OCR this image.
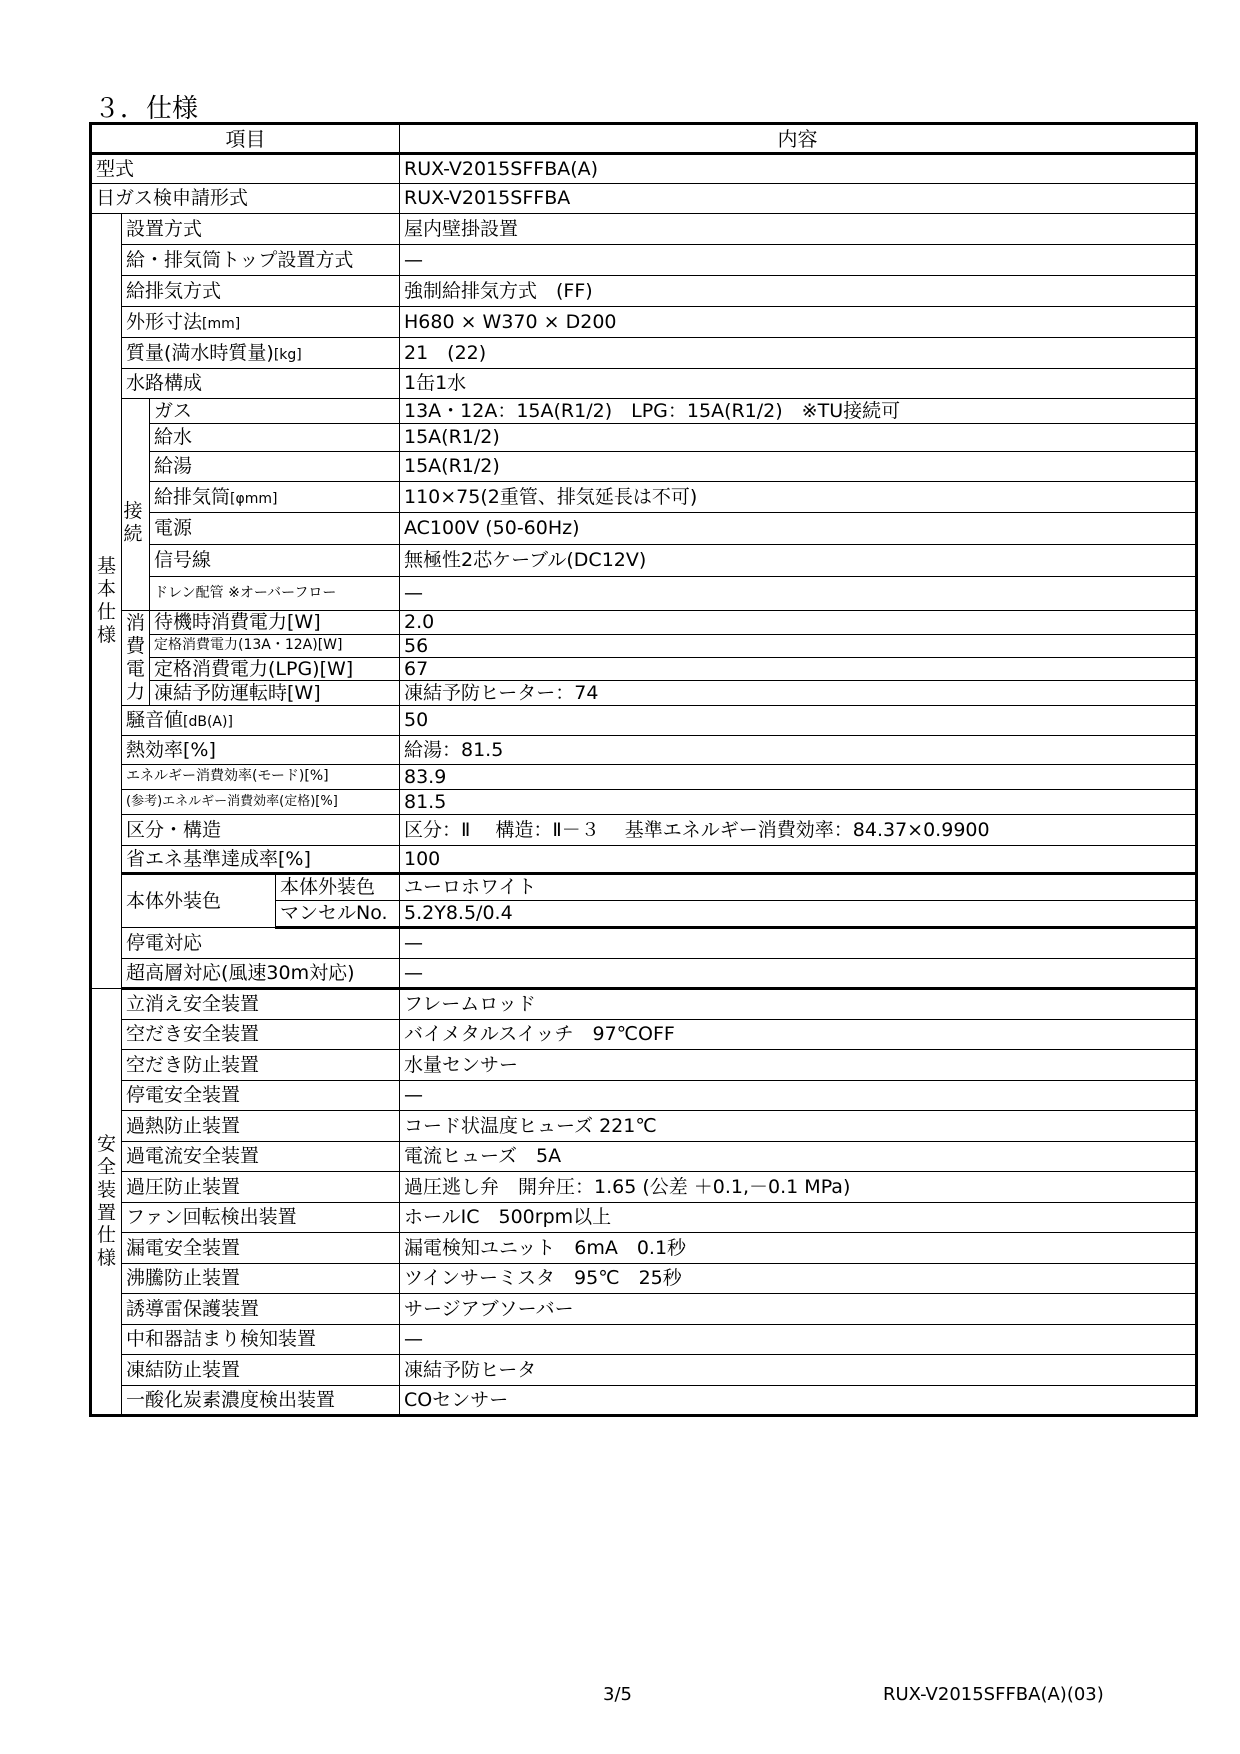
３．仕様
項目				内容
型式				RUX-V2015SFFBA(A)
日ガス検申請形式				RUX-V2015SFFBA
基本仕様	設置方式			屋内壁掛設置
	給・排気筒トップ設置方式			—
	給排気方式			強制給排気方式　(FF)
	外形寸法[mm]			H680 × W370 × D200
	質量(満水時質量)[kg]			21　(22)
	水路構成			1缶1水

	接続	ガス		13A・12A：15A(R1/2)　LPG：15A(R1/2)　※TU接続可
		給水		15A(R1/2)
		給湯		15A(R1/2)
		給排気筒[φmm]		110×75(2重管、排気延長は不可)
		電源		AC100V (50-60Hz)
		信号線		無極性2芯ケーブル(DC12V)
		ドレン配管 ※オーバーフロー		—
	消費電力	待機時消費電力[W]		2.0
		定格消費電力(13A・12A)[W]		56
		定格消費電力(LPG)[W]		67
		凍結予防運転時[W]		凍結予防ヒーター：74
	騒音値[dB(A)]			50
	熱効率[%]			給湯：81.5
	エネルギー消費効率(モード)[%]			83.9
	(参考)エネルギー消費効率(定格)[%]			81.5
	区分・構造			区分：Ⅱ　 構造：Ⅱ－３　 基準エネルギー消費効率：84.37×0.9900
	省エネ基準達成率[%]			100
	本体外装色		本体外装色	ユーロホワイト
			マンセルNo.	5.2Y8.5/0.4
	停電対応			—
	超高層対応(風速30m対応)			—
安全装置仕様	立消え安全装置			フレームロッド
	空だき安全装置			バイメタルスイッチ　97℃OFF
	空だき防止装置			水量センサー
	停電安全装置			—
	過熱防止装置			コード状温度ヒューズ 221℃
	過電流安全装置			電流ヒューズ　5A
	過圧防止装置			過圧逃し弁　開弁圧：1.65 (公差 ＋0.1,－0.1 MPa)
	ファン回転検出装置			ホールIC　500rpm以上
	漏電安全装置			漏電検知ユニット　6mA　0.1秒
	沸騰防止装置			ツインサーミスタ　95℃　25秒
	誘導雷保護装置			サージアブソーバー
	中和器詰まり検知装置			—
	凍結防止装置			凍結予防ヒータ
	一酸化炭素濃度検出装置			COセンサー
3/5	RUX-V2015SFFBA(A)(03)
